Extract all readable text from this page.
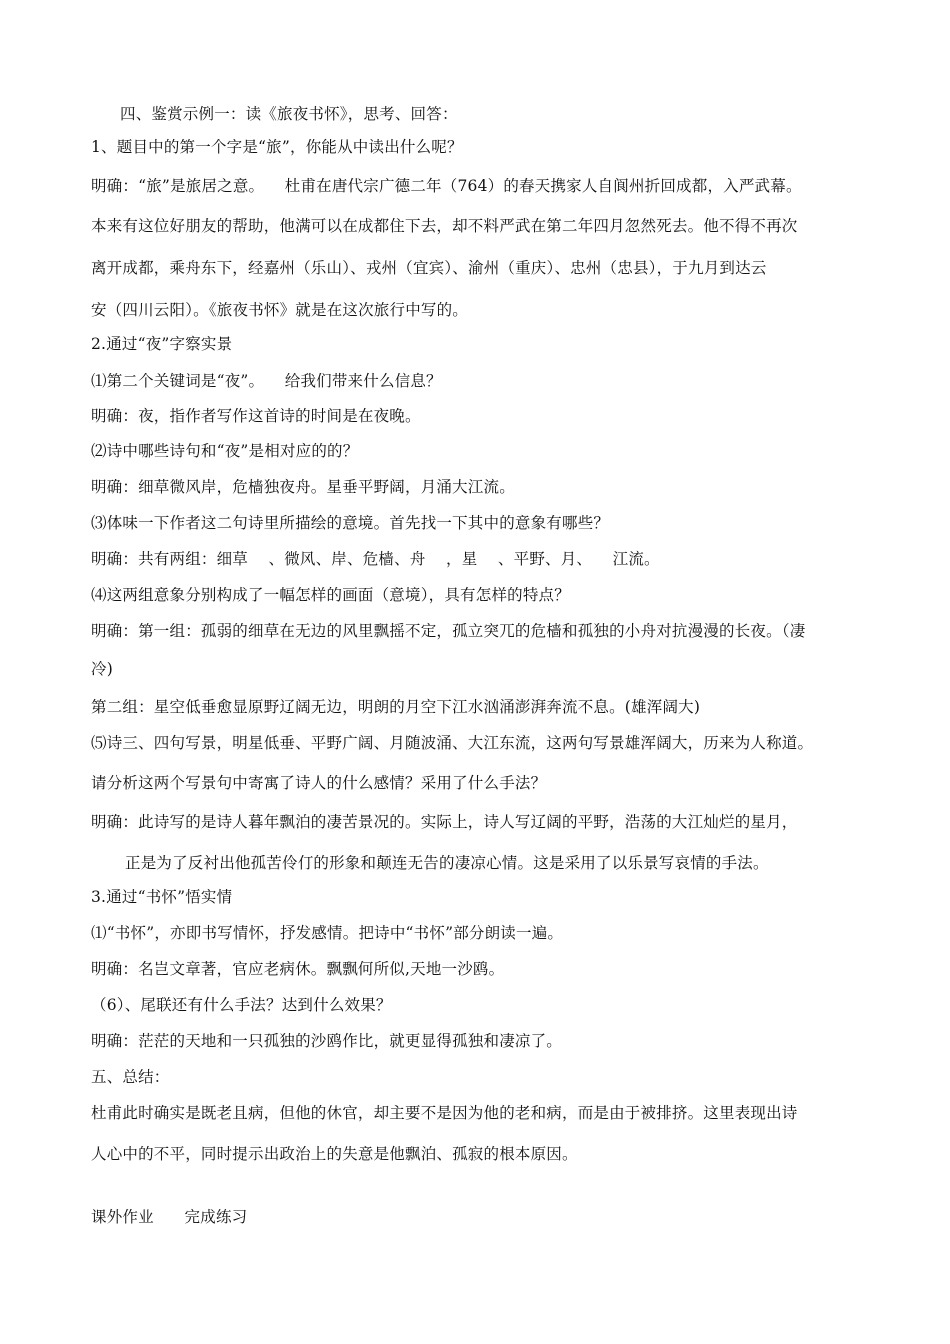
四、鉴赏示例一：读《旅夜书怀》，思考、回答：

1、题目中的第一个字是“旅”，你能从中读出什么呢？

明确：“旅”是旅居之意。    杜甫在唐代宗广德二年（764）的春天携家人自阆州折回成都，入严武幕。

本来有这位好朋友的帮助，他满可以在成都住下去，却不料严武在第二年四月忽然死去。他不得不再次

离开成都，乘舟东下，经嘉州（乐山）、戎州（宜宾）、渝州（重庆）、忠州（忠县），于九月到达云

安（四川云阳）。《旅夜书怀》就是在这次旅行中写的。

2.通过“夜”字察实景

⑴第二个关键词是“夜”。    给我们带来什么信息？

明确：夜，指作者写作这首诗的时间是在夜晚。

⑵诗中哪些诗句和“夜”是相对应的的？

明确：细草微风岸，危樯独夜舟。星垂平野阔，月涌大江流。

⑶体味一下作者这二句诗里所描绘的意境。首先找一下其中的意象有哪些？

明确：共有两组：细草    、微风、岸、危樯、舟    ，星    、平野、月、    江流。

⑷这两组意象分别构成了一幅怎样的画面（意境），具有怎样的特点？

明确：第一组：孤弱的细草在无边的风里飘摇不定，孤立突兀的危樯和孤独的小舟对抗漫漫的长夜。（凄

冷)

第二组：星空低垂愈显原野辽阔无边，明朗的月空下江水汹涌澎湃奔流不息。(雄浑阔大)

⑸诗三、四句写景，明星低垂、平野广阔、月随波涌、大江东流，这两句写景雄浑阔大，历来为人称道。

请分析这两个写景句中寄寓了诗人的什么感情？采用了什么手法？

明确：此诗写的是诗人暮年飘泊的凄苦景况的。实际上，诗人写辽阔的平野，浩荡的大江灿烂的星月，

正是为了反衬出他孤苦伶仃的形象和颠连无告的凄凉心情。这是采用了以乐景写哀情的手法。

3.通过“书怀”悟实情

⑴“书怀”，亦即书写情怀，抒发感情。把诗中“书怀”部分朗读一遍。

明确：名岂文章著，官应老病休。飘飘何所似,天地一沙鸥。

（6）、尾联还有什么手法？达到什么效果？

明确：茫茫的天地和一只孤独的沙鸥作比，就更显得孤独和凄凉了。

五、总结：

杜甫此时确实是既老且病，但他的休官，却主要不是因为他的老和病，而是由于被排挤。这里表现出诗

人心中的不平，同时提示出政治上的失意是他飘泊、孤寂的根本原因。

课外作业      完成练习
